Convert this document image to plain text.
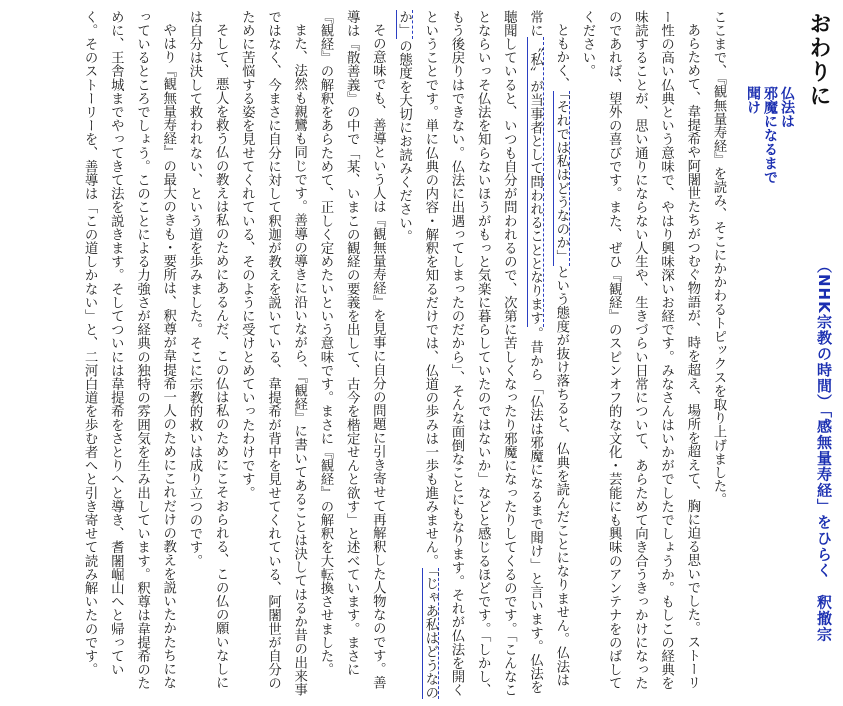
おわりに
仏法は
邪魔になるまで
聞け
（NHK宗教の時間）「感無量寿経」をひらく　釈撤宗

ここまで、『観無量寿経』を読み、そこにかかわるトピックスを取り上げました。

あらためて、韋提希や阿闍世たちがつむぐ物語が、時を超え、場所を超えて、胸に迫る思いでした。ストーリー性の高い仏典という意味で、やはり興味深いお経です。みなさんはいかがでしたでしょうか。もしこの経典を味読することが、思い通りにならない人生や、生きづらい日常について、あらためて向き合うきっかけになったのであれば、望外の喜びです。また、ぜひ『観経』のスピンオフ的な文化・芸能にも興味のアンテナをのばしてください。

ともかく、「それでは私はどうなのか」という態度が抜け落ちると、仏典を読んだことになりません。仏法は常に〝私〟が当事者として問われることとなります。昔から「仏法は邪魔になるまで聞け」と言います。仏法を聴聞していると、いつも自分が問われるので、次第に苦しくなったり邪魔になったりしてくるのです。「こんなことならいっそ仏法を知らないほうがもっと気楽に暮らしていたのではないか」などと感じるほどです。「しかし、もう後戻りはできない。仏法に出遇ってしまったのだから」、そんな面倒なことにもなります。それが仏法を開くということです。単に仏典の内容・解釈を知るだけでは、仏道の歩みは一歩も進みません。「じゃあ私はどうなのか」の態度を大切にお読みください。

その意味でも、善導という人は『観無量寿経』を見事に自分の問題に引き寄せて再解釈した人物なのです。善導は『散善義』の中で「某、いまこの観経の要義を出して、古今を楷定せんと欲す」と述べています。まさに『観経』の解釈をあらためて、正しく定めたいという意味です。まさに『観経』の解釈を大転換させました。

また、法然も親鸞も同じです。善導の導きに沿いながら、『観経』に書いてあることは決してはるか昔の出来事ではなく、今まさに自分に対して釈迦が教えを説いている、韋提希が背中を見せてくれている、阿闍世が自分のために苦悩する姿を見せてくれている、そのように受けとめていったわけです。

そして、悪人を救う仏の教えは私のためにあるんだ、この仏は私のためにこそおられる、この仏の願いなしには自分は決して救われない、という道を歩みました。そこに宗教的救いは成り立つのです。

やはり『観無量寿経』の最大のきも・要所は、釈尊が韋提希一人のためにこれだけの教えを説いたかたちになっているところでしょう。このことによる力強さが経典の独特の雰囲気を生み出しています。釈尊は韋提希のために、王舎城までやってきて法を説きます。そしてついには韋提希をさとりへと導き、耆闍崛山へと帰っていく。そのストーリーを、善導は「この道しかない」と、二河白道を歩む者へと引き寄せて読み解いたのです。
